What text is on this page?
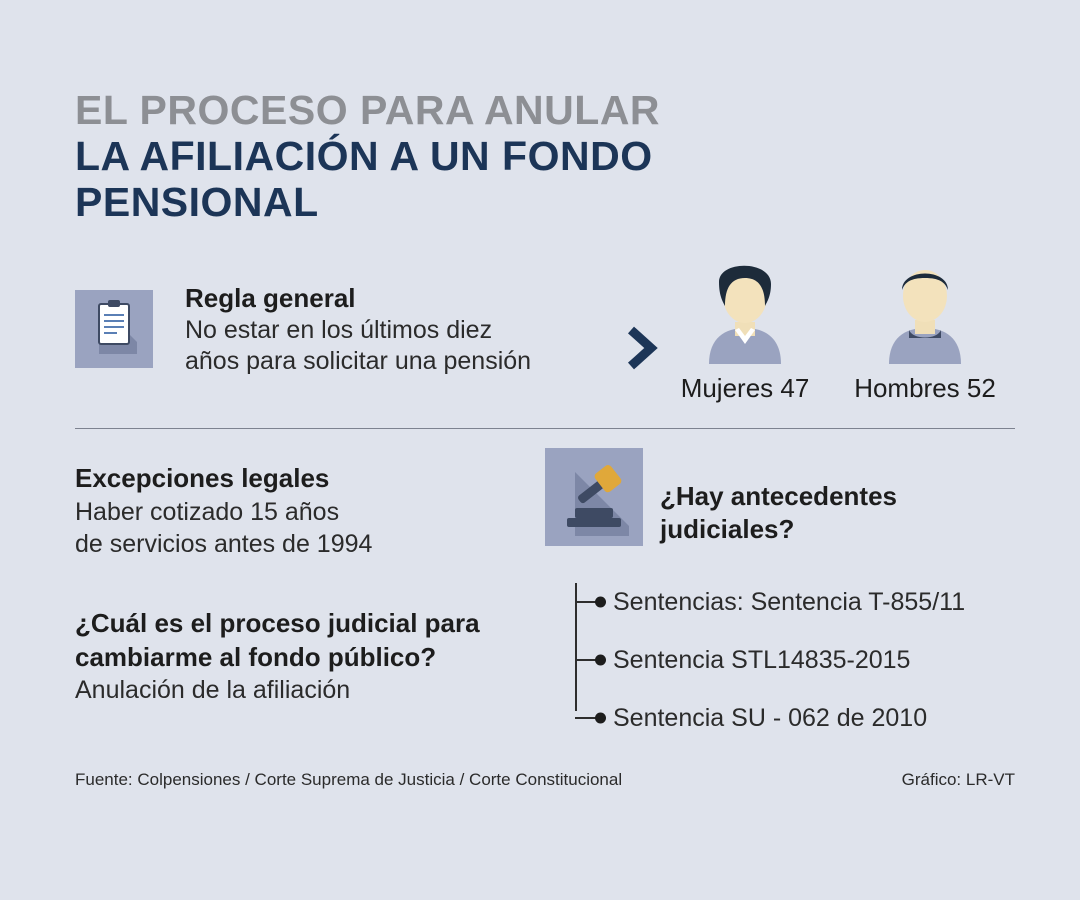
EL PROCESO PARA ANULAR
LA AFILIACIÓN A UN FONDO
PENSIONAL
Regla general
No estar en los últimos diez
años para solicitar una pensión
Mujeres 47	Hombres 52
Excepciones legales
Haber cotizado 15 años
de servicios antes de 1994
¿Cuál es el proceso judicial para
cambiarme al fondo público?
Anulación de la afiliación
¿Hay antecedentes
judiciales?
Sentencias: Sentencia T-855/11
Sentencia STL14835-2015
Sentencia SU - 062 de 2010
Fuente: Colpensiones / Corte Suprema de Justicia / Corte Constitucional	Gráfico: LR-VT
